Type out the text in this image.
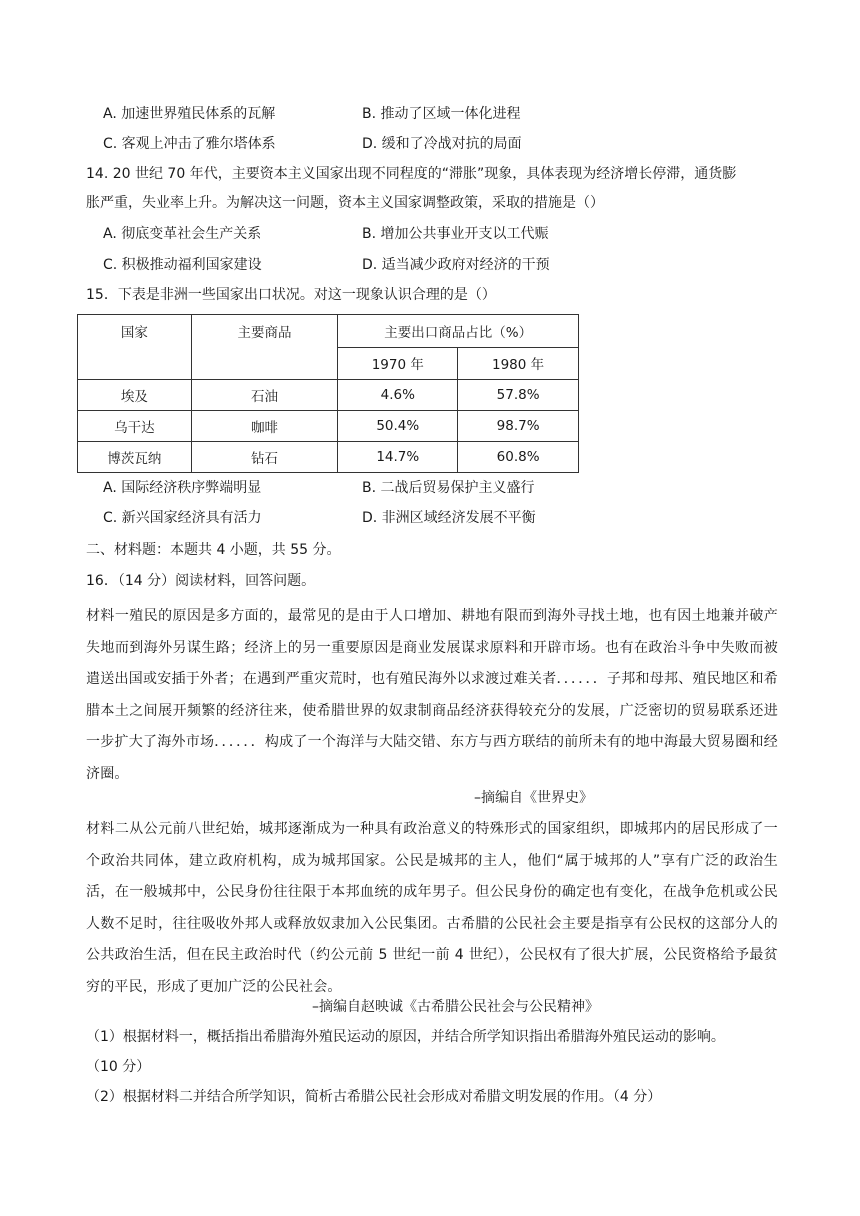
A. 加速世界殖民体系的瓦解	B. 推动了区域一体化进程
C. 客观上冲击了雅尔塔体系	D. 缓和了冷战对抗的局面
14. 20 世纪 70 年代，主要资本主义国家出现不同程度的“滞胀”现象，具体表现为经济增长停滞，通货膨
胀严重，失业率上升。为解决这一问题，资本主义国家调整政策，采取的措施是（）
A. 彻底变革社会生产关系	B. 增加公共事业开支以工代赈
C. 积极推动福利国家建设	D. 适当减少政府对经济的干预
15．下表是非洲一些国家出口状况。对这一现象认识合理的是（）
国家	主要商品	主要出口商品占比（%）	
		1970 年	1980 年
埃及	石油	4.6%	57.8%
乌干达	咖啡	50.4%	98.7%
博茨瓦纳	钻石	14.7%	60.8%
A. 国际经济秩序弊端明显	B. 二战后贸易保护主义盛行
C. 新兴国家经济具有活力	D. 非洲区域经济发展不平衡
二、材料题：本题共 4 小题，共 55 分。
16．（14 分）阅读材料，回答问题。
材料一殖民的原因是多方面的，最常见的是由于人口增加、耕地有限而到海外寻找土地，也有因土地兼并破产失地而到海外另谋生路；经济上的另一重要原因是商业发展谋求原料和开辟市场。也有在政治斗争中失败而被遣送出国或安插于外者；在遇到严重灾荒时，也有殖民海外以求渡过难关者．．．．．．子邦和母邦、殖民地区和希腊本土之间展开频繁的经济往来，使希腊世界的奴隶制商品经济获得较充分的发展，广泛密切的贸易联系还进一步扩大了海外市场．．．．．．构成了一个海洋与大陆交错、东方与西方联结的前所未有的地中海最大贸易圈和经济圈。
–摘编自《世界史》
材料二从公元前八世纪始，城邦逐渐成为一种具有政治意义的特殊形式的国家组织，即城邦内的居民形成了一个政治共同体，建立政府机构，成为城邦国家。公民是城邦的主人，他们“属于城邦的人”享有广泛的政治生活，在一般城邦中，公民身份往往限于本邦血统的成年男子。但公民身份的确定也有变化，在战争危机或公民人数不足时，往往吸收外邦人或释放奴隶加入公民集团。古希腊的公民社会主要是指享有公民权的这部分人的公共政治生活，但在民主政治时代（约公元前 5 世纪一前 4 世纪），公民权有了很大扩展，公民资格给予最贫穷的平民，形成了更加广泛的公民社会。
–摘编自赵映诚《古希腊公民社会与公民精神》
（1）根据材料一，概括指出希腊海外殖民运动的原因，并结合所学知识指出希腊海外殖民运动的影响。
（10 分）
（2）根据材料二并结合所学知识，简析古希腊公民社会形成对希腊文明发展的作用。（4 分）
